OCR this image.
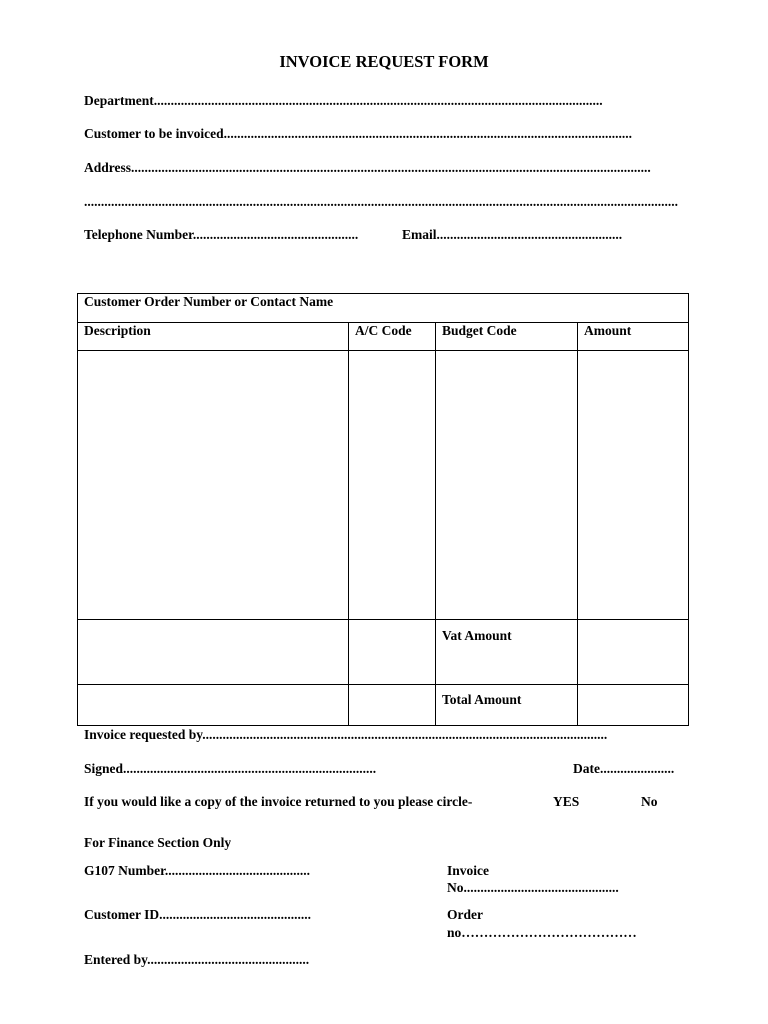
INVOICE REQUEST FORM
Department.....................................................................................................................................
Customer to be invoiced.........................................................................................................................
Address..........................................................................................................................................................
................................................................................................................................................................................
Telephone Number.................................................	Email.......................................................
Customer Order Number or Contact Name			
Description	A/C Code	Budget Code	Amount

		Vat Amount	
		Total Amount	
Invoice requested by........................................................................................................................
Signed...........................................................................	Date......................
If you would like a copy of the invoice returned to you please circle-	YES	No
For Finance Section Only
G107 Number...........................................	Invoice
No..............................................
Customer ID.............................................	Order
no…………………………………
Entered by................................................
